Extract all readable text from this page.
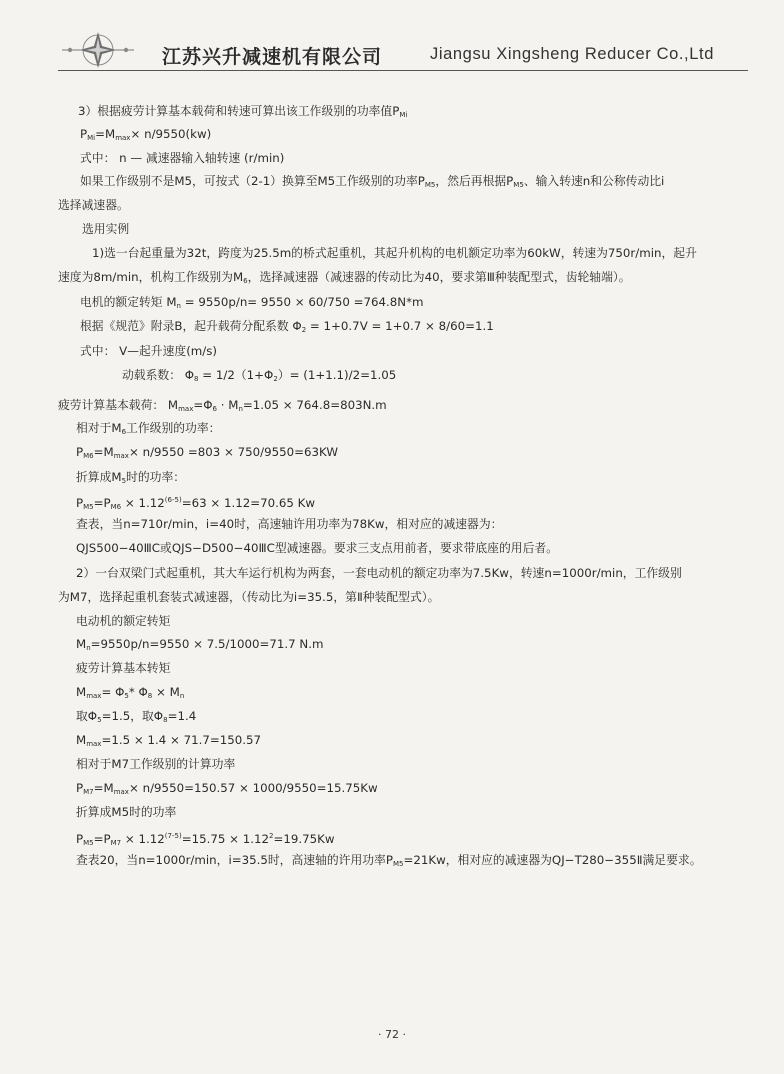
江苏兴升减速机有限公司	Jiangsu Xingsheng Reducer Co.,Ltd
3）根据疲劳计算基本载荷和转速可算出该工作级别的功率值$P_{Mi}$
$P_{Mi}=M_{max}\times n/9550(kw)$
式中： n — 减速器输入轴转速 (r/min)
如果工作级别不是M5，可按式（2-1）换算至M5工作级别的功率$P_{M5}$，然后再根据$P_{M5}$、输入转速n和公称传动比i
选择减速器。
选用实例
1)选一台起重量为32t，跨度为25.5m的桥式起重机，其起升机构的电机额定功率为60kW，转速为750r/min，起升
速度为8m/min，机构工作级别为$M_6$，选择减速器（减速器的传动比为40，要求第Ⅲ种装配型式，齿轮轴端）。
电机的额定转矩 $M_n = 9550p/n= 9550 \times 60/750 =764.8N*m$
根据《规范》附录B，起升载荷分配系数 $\Phi_2 = 1+0.7V = 1+0.7 \times 8/60=1.1$
式中： V—起升速度(m/s)
动载系数： $\Phi_8 = 1/2(1+\Phi_2)= (1+1.1)/2=1.05$
疲劳计算基本载荷： $M_{max}=\Phi_6 \cdot M_n=1.05 \times 764.8=803N.m$
相对于$M_6$工作级别的功率：
$P_{M6}=M_{max}\times n/9550 =803 \times 750/9550=63KW$
折算成$M_5$时的功率：
$P_{M5}=P_{M6} \times 1.12^{(6-5)}=63 \times 1.12=70.65$ Kw
查表，当n=710r/min，i=40时，高速轴许用功率为78Kw，相对应的减速器为：
QJS500−40ⅢC或QJS−D500−40ⅢC型减速器。要求三支点用前者，要求带底座的用后者。
2）一台双梁门式起重机，其大车运行机构为两套，一套电动机的额定功率为7.5Kw，转速n=1000r/min，工作级别
为M7，选择起重机套装式减速器，（传动比为i=35.5，第Ⅱ种装配型式）。
电动机的额定转矩
$M_n=9550p/n=9550 \times 7.5/1000=71.7$ N.m
疲劳计算基本转矩
$M_{max}= \Phi_5*$ $\Phi_8 \times M_n$
取$\Phi_5=1.5$，取$\Phi_8=1.4$
$M_{max}=1.5 \times 1.4 \times 71.7=150.57$
相对于M7工作级别的计算功率
$P_{M7}=M_{max}\times n/9550=150.57 \times 1000/9550=15.75Kw$
折算成M5时的功率
$P_{M5}=P_{M7} \times 1.12^{(7-5)}=15.75 \times 1.12^2=19.75Kw$
查表20，当n=1000r/min，i=35.5时，高速轴的许用功率$P_{M5}=21Kw$，相对应的减速器为QJ−T280−355Ⅱ满足要求。
· 72 ·
